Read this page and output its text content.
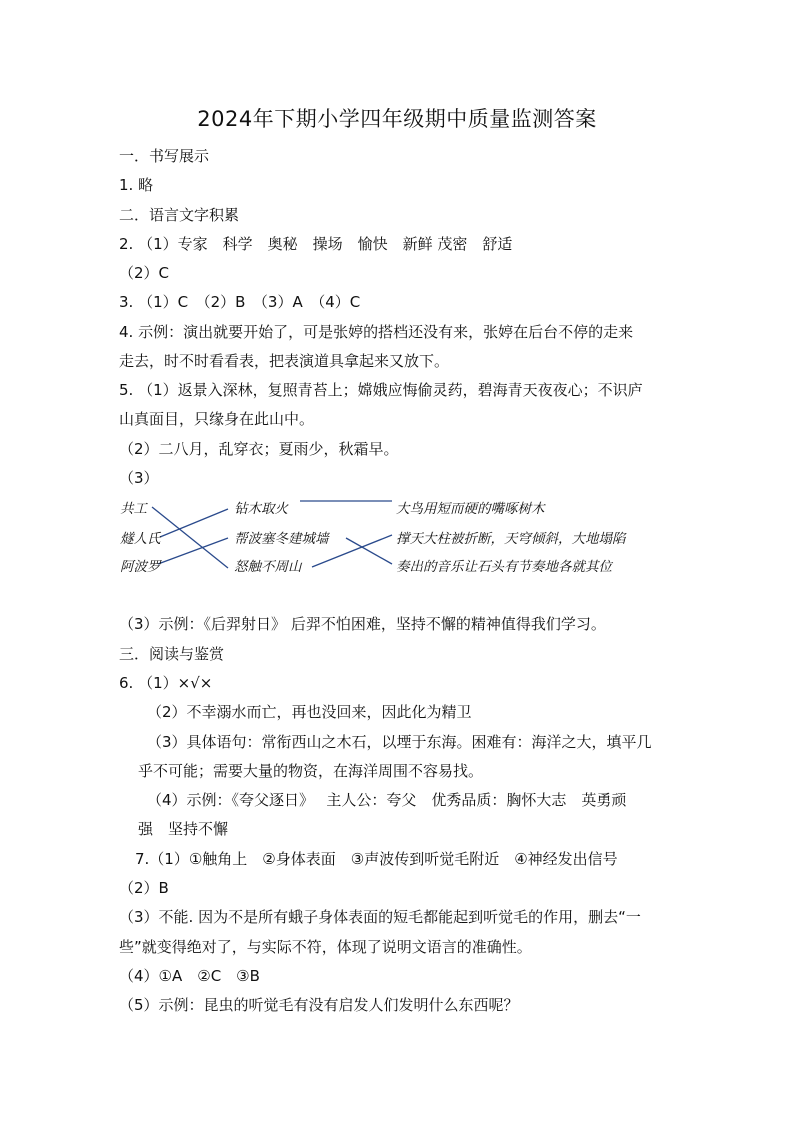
2024年下期小学四年级期中质量监测答案
一．书写展示
1. 略
二．语言文字积累
2. （1）专家　科学　奥秘　操场　愉快　新鲜 茂密　舒适
（2）C
3. （1）C　（2）B　（3）A　（4）C
4. 示例：演出就要开始了，可是张婷的搭档还没有来，张婷在后台不停的走来
走去，时不时看看表，把表演道具拿起来又放下。
5. （1）返景入深林，复照青苔上；嫦娥应悔偷灵药，碧海青天夜夜心；不识庐
山真面目，只缘身在此山中。
（2）二八月，乱穿衣；夏雨少，秋霜早。
（3）
共工
燧人氏
阿波罗
钻木取火
帮波塞冬建城墙
怒触不周山
大鸟用短而硬的嘴啄树木
撑天大柱被折断，天穹倾斜，大地塌陷
奏出的音乐让石头有节奏地各就其位
（3）示例：《后羿射日》 后羿不怕困难，坚持不懈的精神值得我们学习。
三．阅读与鉴赏
6. （1）×√×
（2）不幸溺水而亡，再也没回来，因此化为精卫
（3）具体语句：常衔西山之木石，以堙于东海。困难有：海洋之大，填平几
乎不可能；需要大量的物资，在海洋周围不容易找。
（4）示例：《夸父逐日》　 主人公：夸父　优秀品质：胸怀大志　英勇顽
强　坚持不懈
7.（1）①触角上　②身体表面　③声波传到听觉毛附近　④神经发出信号
（2）B
（3）不能. 因为不是所有蛾子身体表面的短毛都能起到听觉毛的作用，删去“一
些”就变得绝对了，与实际不符，体现了说明文语言的准确性。
（4）①A　②C　③B
（5）示例：昆虫的听觉毛有没有启发人们发明什么东西呢？
